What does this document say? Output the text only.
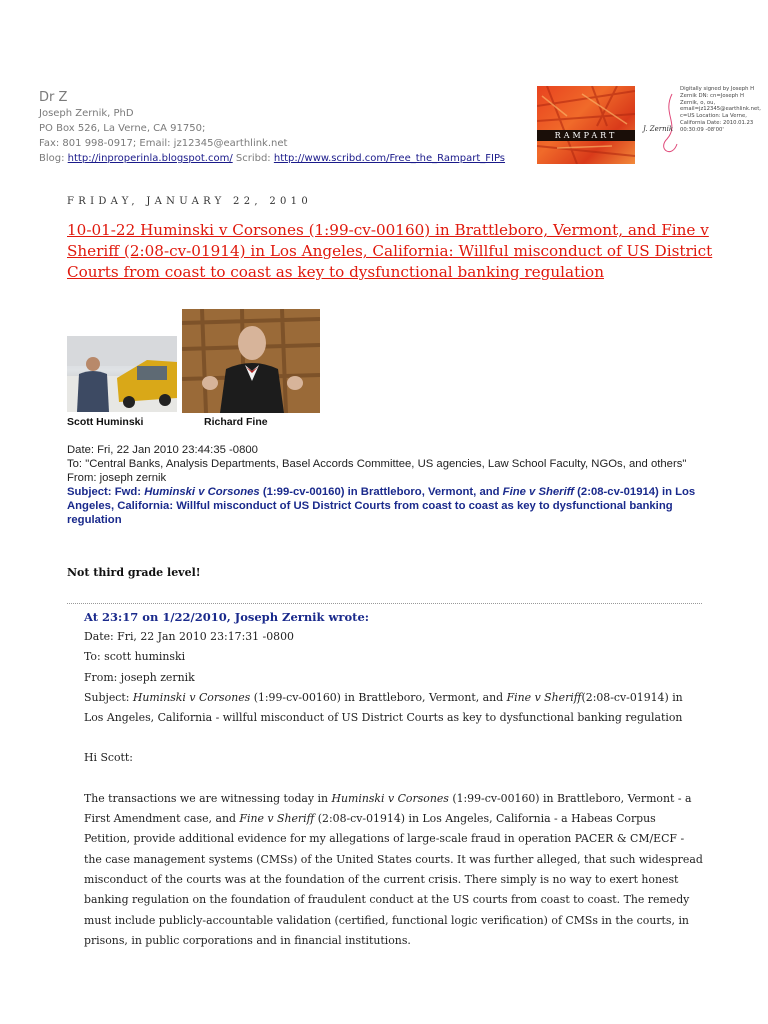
Dr Z
Joseph Zernik, PhD
PO Box 526, La Verne, CA 91750;
Fax: 801 998-0917; Email: jz12345@earthlink.net
Blog: http://inproperinla.blogspot.com/ Scribd: http://www.scribd.com/Free_the_Rampart_FIPs
RAMPART
J. Zernik
Digitally signed by Joseph H Zernik DN: cn=Joseph H Zernik, o, ou, email=jz12345@earthlink.net, c=US Location: La Verne, California Date: 2010.01.23 00:30:09 -08'00'
FRIDAY, JANUARY 22, 2010
10-01-22 Huminski v Corsones (1:99-cv-00160) in Brattleboro, Vermont, and Fine v Sheriff (2:08-cv-01914) in Los Angeles, California: Willful misconduct of US District Courts from coast to coast as key to dysfunctional banking regulation
Scott Huminski	Richard Fine
Date: Fri, 22 Jan 2010 23:44:35 -0800
To: "Central Banks, Analysis Departments, Basel Accords Committee, US agencies, Law School Faculty, NGOs, and others"
From: joseph zernik
Subject: Fwd: Huminski v Corsones (1:99-cv-00160) in Brattleboro, Vermont, and Fine v Sheriff (2:08-cv-01914) in Los Angeles, California: Willful misconduct of US District Courts from coast to coast as key to dysfunctional banking regulation
Not third grade level!
At 23:17 on 1/22/2010, Joseph Zernik wrote:
Date: Fri, 22 Jan 2010 23:17:31 -0800
To: scott huminski
From: joseph zernik
Subject: Huminski v Corsones (1:99-cv-00160) in Brattleboro, Vermont, and Fine v Sheriff(2:08-cv-01914) in Los Angeles, California - willful misconduct of US District Courts as key to dysfunctional banking regulation
Hi Scott:
The transactions we are witnessing today in Huminski v Corsones (1:99-cv-00160) in Brattleboro, Vermont - a First Amendment case, and Fine v Sheriff (2:08-cv-01914) in Los Angeles, California - a Habeas Corpus Petition, provide additional evidence for my allegations of large-scale fraud in operation PACER & CM/ECF - the case management systems (CMSs) of the United States courts. It was further alleged, that such widespread misconduct of the courts was at the foundation of the current crisis. There simply is no way to exert honest banking regulation on the foundation of fraudulent conduct at the US courts from coast to coast. The remedy must include publicly-accountable validation (certified, functional logic verification) of CMSs in the courts, in prisons, in public corporations and in financial institutions.
